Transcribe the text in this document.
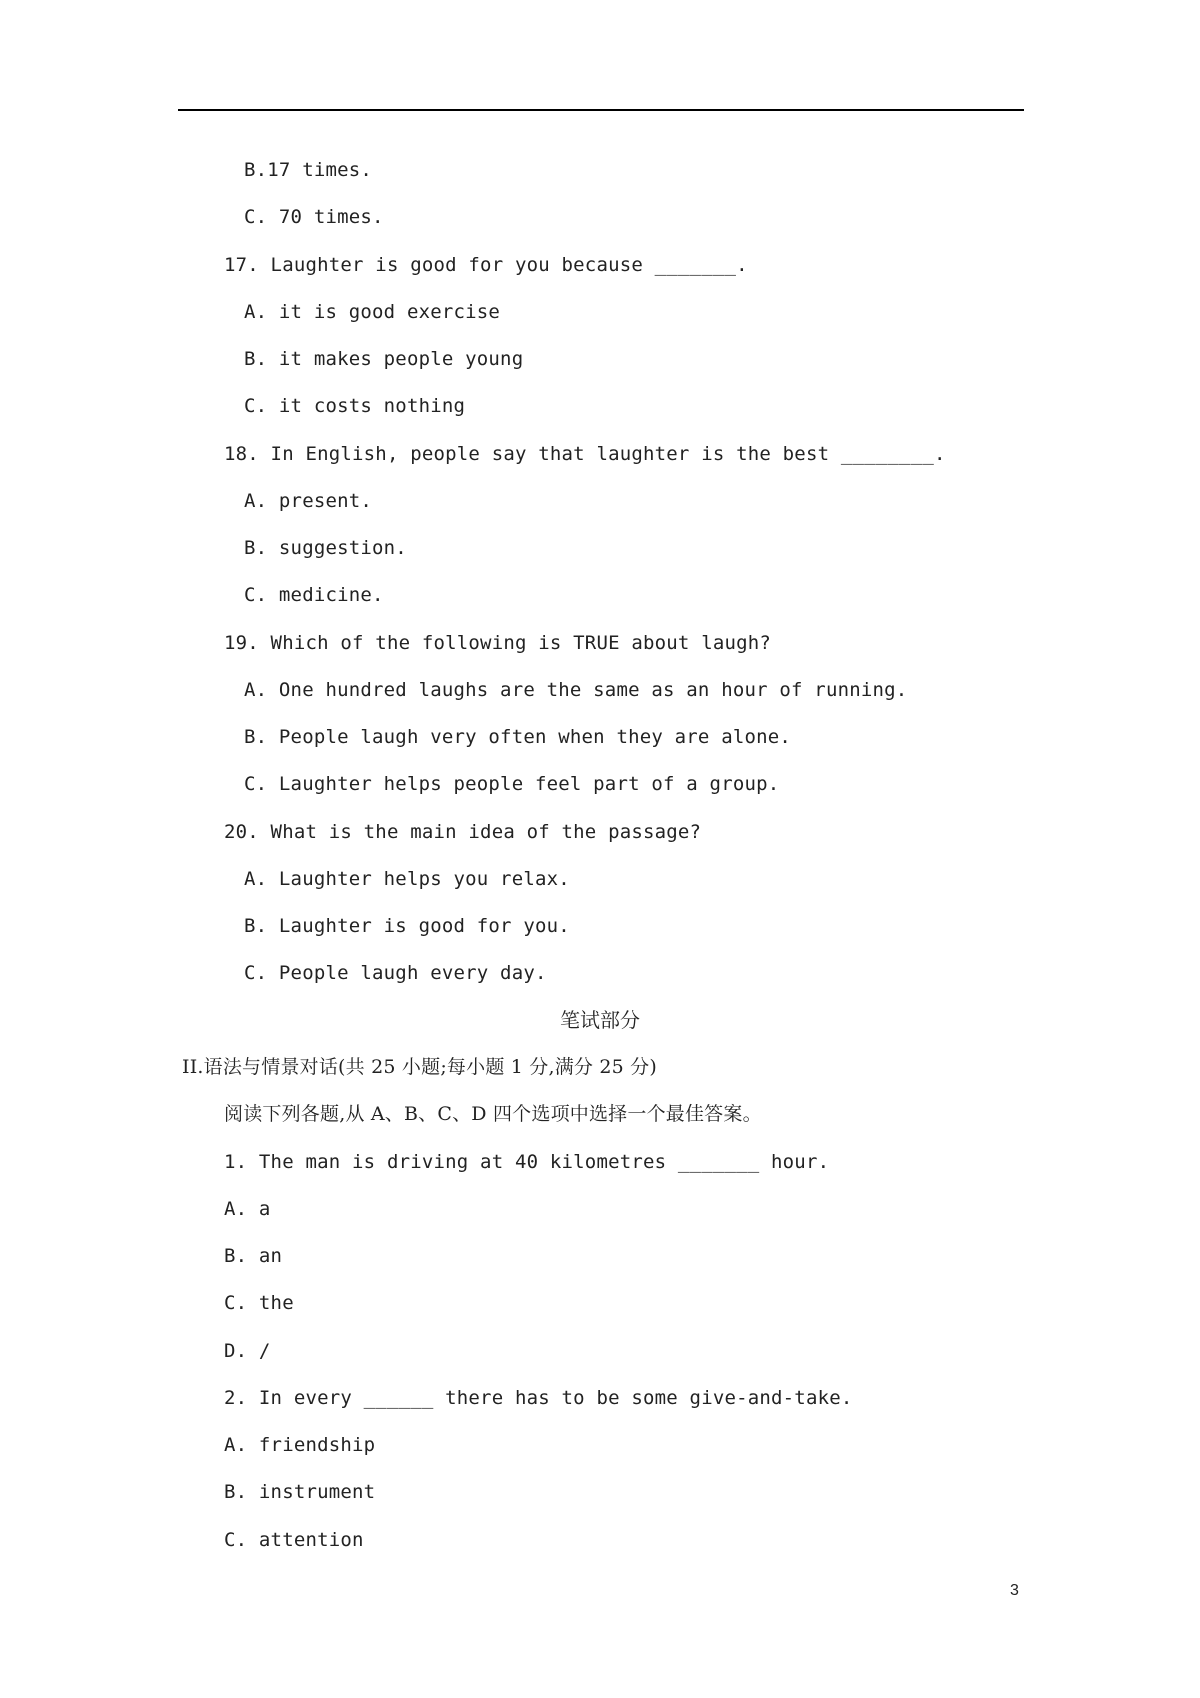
B.17 times.
C. 70 times.
17. Laughter is good for you because _______.
A. it is good exercise
B. it makes people young
C. it costs nothing
18. In English, people say that laughter is the best ________.
A. present.
B. suggestion.
C. medicine.
19. Which of the following is TRUE about laugh?
A. One hundred laughs are the same as an hour of running.
B. People laugh very often when they are alone.
C. Laughter helps people feel part of a group.
20. What is the main idea of the passage?
A. Laughter helps you relax.
B. Laughter is good for you.
C. People laugh every day.
笔试部分
II.语法与情景对话(共 25 小题;每小题 1 分,满分 25 分)
阅读下列各题,从 A、B、C、D 四个选项中选择一个最佳答案。
1. The man is driving at 40 kilometres _______ hour.
A. a
B. an
C. the
D. /
2. In every ______ there has to be some give-and-take.
A. friendship
B. instrument
C. attention
3
